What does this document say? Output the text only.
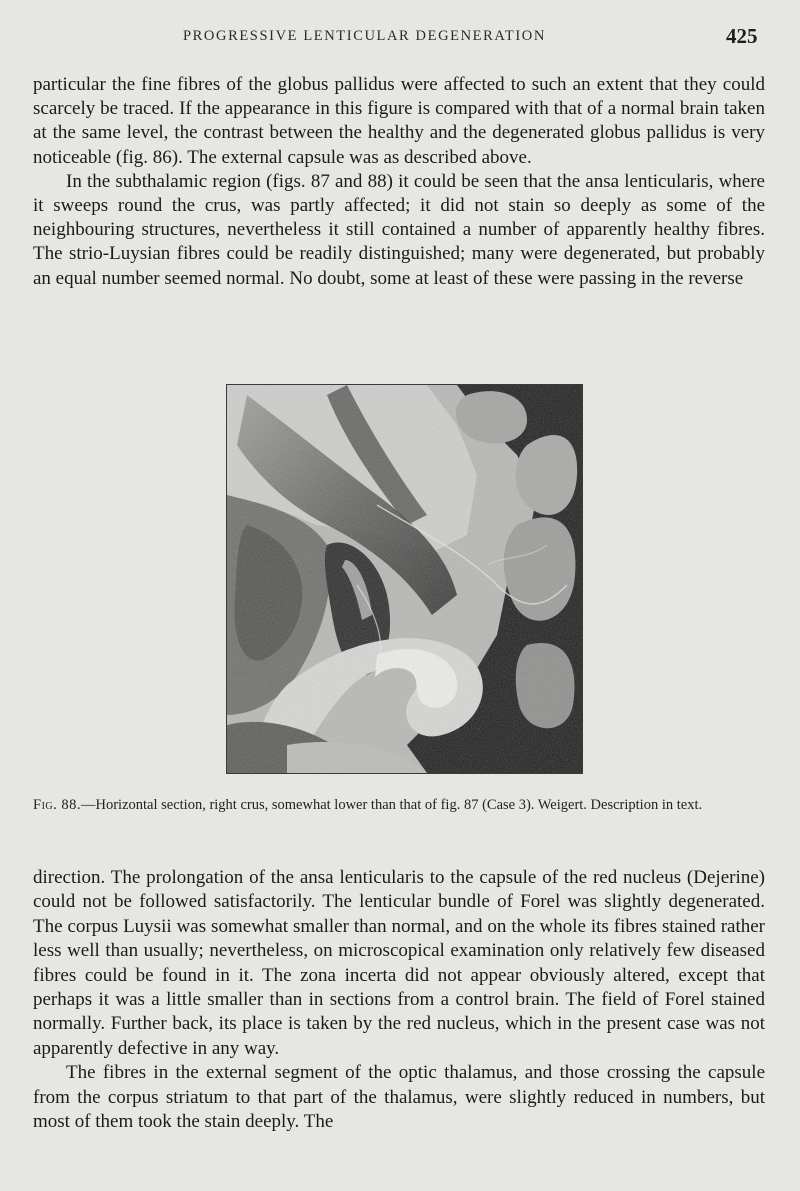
PROGRESSIVE LENTICULAR DEGENERATION	425

particular the fine fibres of the globus pallidus were affected to such an extent that they could scarcely be traced. If the appearance in this figure is compared with that of a normal brain taken at the same level, the contrast between the healthy and the degenerated globus pallidus is very noticeable (fig. 86). The external capsule was as described above.

In the subthalamic region (figs. 87 and 88) it could be seen that the ansa lenticularis, where it sweeps round the crus, was partly affected; it did not stain so deeply as some of the neighbouring structures, nevertheless it still contained a number of apparently healthy fibres. The strio-Luysian fibres could be readily distinguished; many were degenerated, but probably an equal number seemed normal. No doubt, some at least of these were passing in the reverse

Fig. 88.—Horizontal section, right crus, somewhat lower than that of fig. 87 (Case 3). Weigert. Description in text.

direction. The prolongation of the ansa lenticularis to the capsule of the red nucleus (Dejerine) could not be followed satisfactorily. The lenticular bundle of Forel was slightly degenerated. The corpus Luysii was somewhat smaller than normal, and on the whole its fibres stained rather less well than usually; nevertheless, on microscopical examination only relatively few diseased fibres could be found in it. The zona incerta did not appear obviously altered, except that perhaps it was a little smaller than in sections from a control brain. The field of Forel stained normally. Further back, its place is taken by the red nucleus, which in the present case was not apparently defective in any way.

The fibres in the external segment of the optic thalamus, and those crossing the capsule from the corpus striatum to that part of the thalamus, were slightly reduced in numbers, but most of them took the stain deeply. The
